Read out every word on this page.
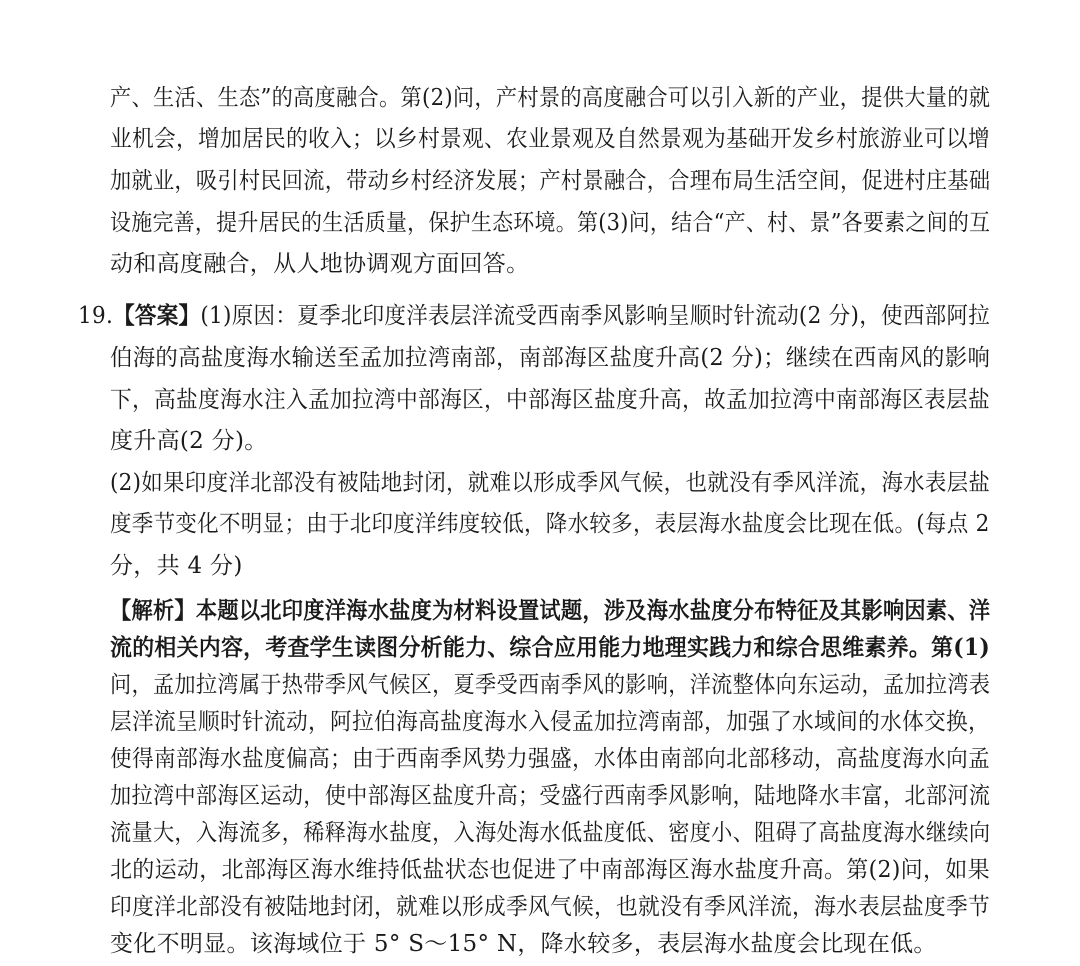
产、生活、生态”的高度融合。第(2)问，产村景的高度融合可以引入新的产业，提供大量的就
业机会，增加居民的收入；以乡村景观、农业景观及自然景观为基础开发乡村旅游业可以增
加就业，吸引村民回流，带动乡村经济发展；产村景融合，合理布局生活空间，促进村庄基础
设施完善，提升居民的生活质量，保护生态环境。第(3)问，结合“产、村、景”各要素之间的互
动和高度融合，从人地协调观方面回答。
19.【答案】(1)原因：夏季北印度洋表层洋流受西南季风影响呈顺时针流动(2 分)，使西部阿拉
伯海的高盐度海水输送至孟加拉湾南部，南部海区盐度升高(2 分)；继续在西南风的影响
下，高盐度海水注入孟加拉湾中部海区，中部海区盐度升高，故孟加拉湾中南部海区表层盐
度升高(2 分)。
(2)如果印度洋北部没有被陆地封闭，就难以形成季风气候，也就没有季风洋流，海水表层盐
度季节变化不明显；由于北印度洋纬度较低，降水较多，表层海水盐度会比现在低。(每点 2
分，共 4 分)
【解析】本题以北印度洋海水盐度为材料设置试题，涉及海水盐度分布特征及其影响因素、洋
流的相关内容，考查学生读图分析能力、综合应用能力地理实践力和综合思维素养。第(1)
问，孟加拉湾属于热带季风气候区，夏季受西南季风的影响，洋流整体向东运动，孟加拉湾表
层洋流呈顺时针流动，阿拉伯海高盐度海水入侵孟加拉湾南部，加强了水域间的水体交换，
使得南部海水盐度偏高；由于西南季风势力强盛，水体由南部向北部移动，高盐度海水向孟
加拉湾中部海区运动，使中部海区盐度升高；受盛行西南季风影响，陆地降水丰富，北部河流
流量大，入海流多，稀释海水盐度，入海处海水低盐度低、密度小、阻碍了高盐度海水继续向
北的运动，北部海区海水维持低盐状态也促进了中南部海区海水盐度升高。第(2)问，如果
印度洋北部没有被陆地封闭，就难以形成季风气候，也就没有季风洋流，海水表层盐度季节
变化不明显。该海域位于 5° S～15° N，降水较多，表层海水盐度会比现在低。
